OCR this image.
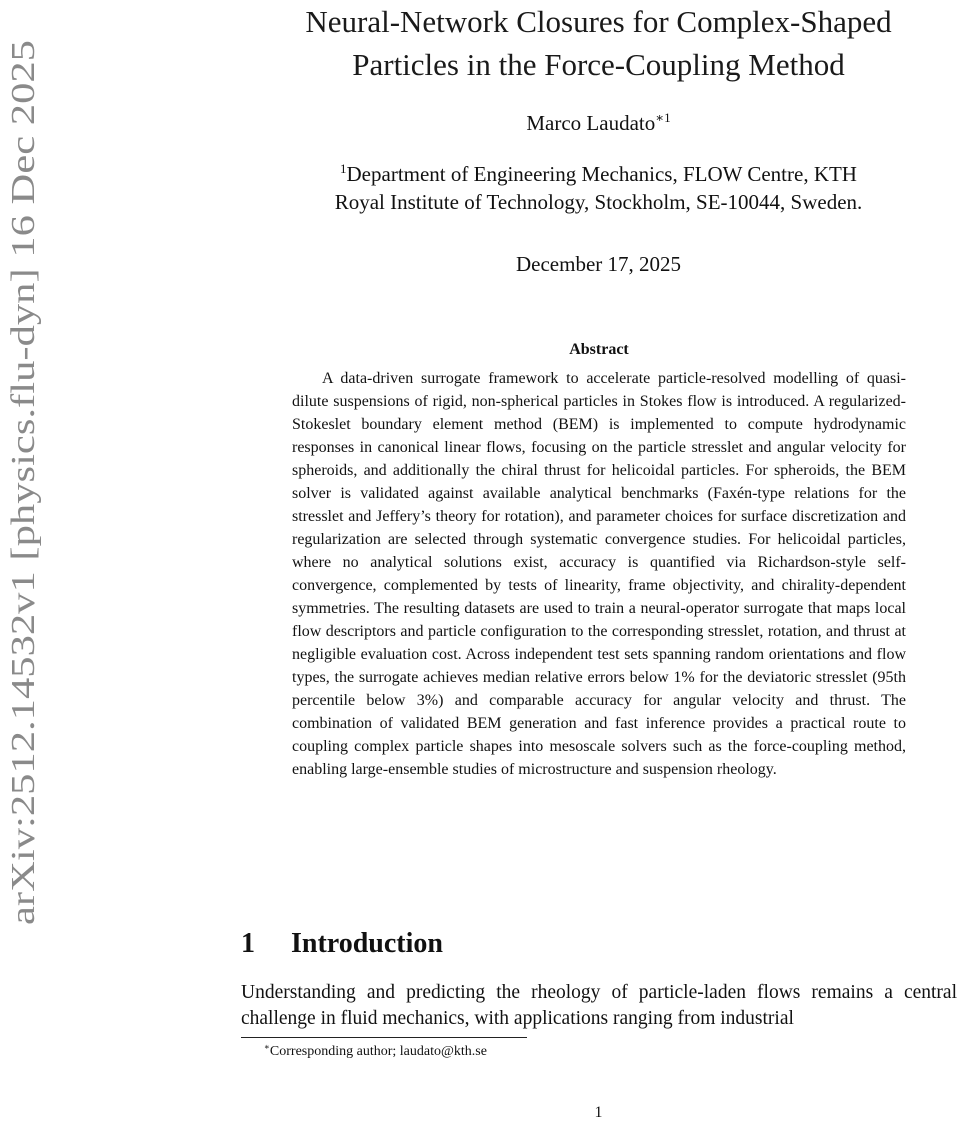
arXiv:2512.14532v1 [physics.flu-dyn] 16 Dec 2025
Neural-Network Closures for Complex-Shaped
Particles in the Force-Coupling Method
Marco Laudato$^{∗1}$
$^1$Department of Engineering Mechanics, FLOW Centre, KTH
Royal Institute of Technology, Stockholm, SE-10044, Sweden.
December 17, 2025
Abstract

A data-driven surrogate framework to accelerate particle-resolved modelling of quasi-dilute suspensions of rigid, non-spherical particles in Stokes flow is introduced. A regularized-Stokeslet boundary element method (BEM) is implemented to compute hydrodynamic responses in canonical linear flows, focusing on the particle stresslet and angular velocity for spheroids, and additionally the chiral thrust for helicoidal particles. For spheroids, the BEM solver is validated against available analytical benchmarks (Faxén-type relations for the stresslet and Jeffery’s theory for rotation), and parameter choices for surface discretization and regularization are selected through systematic convergence studies. For helicoidal particles, where no analytical solutions exist, accuracy is quantified via Richardson-style self-convergence, complemented by tests of linearity, frame objectivity, and chirality-dependent symmetries. The resulting datasets are used to train a neural-operator surrogate that maps local flow descriptors and particle configuration to the corresponding stresslet, rotation, and thrust at negligible evaluation cost. Across independent test sets spanning random orientations and flow types, the surrogate achieves median relative errors below 1% for the deviatoric stresslet (95th percentile below 3%) and comparable accuracy for angular velocity and thrust. The combination of validated BEM generation and fast inference provides a practical route to coupling complex particle shapes into mesoscale solvers such as the force-coupling method, enabling large-ensemble studies of microstructure and suspension rheology.

1 Introduction

Understanding and predicting the rheology of particle-laden flows remains a central challenge in fluid mechanics, with applications ranging from industrial

∗Corresponding author; laudato@kth.se
1
